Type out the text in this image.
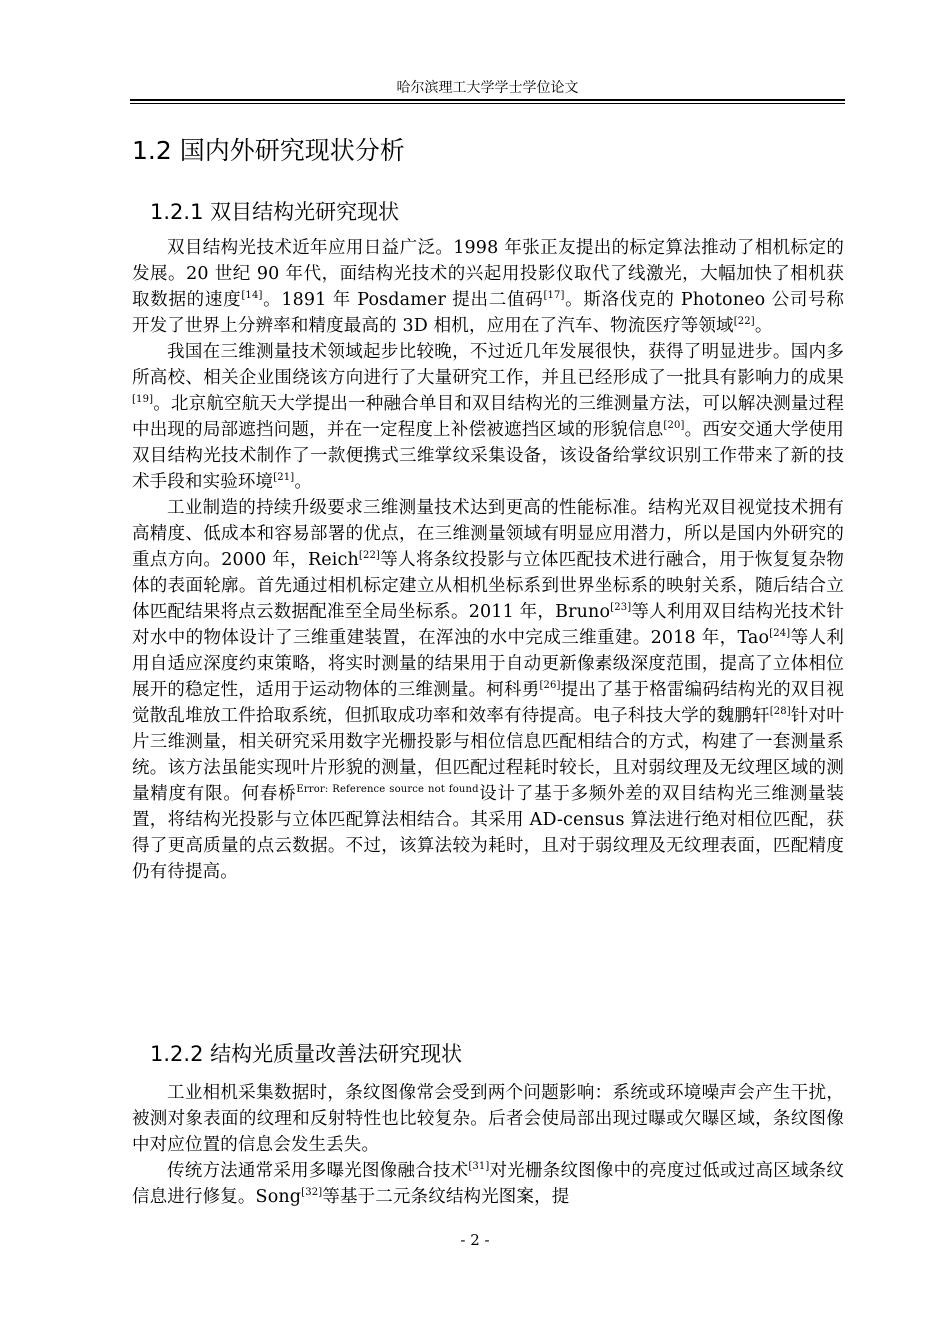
哈尔滨理工大学学士学位论文
1.2 国内外研究现状分析
1.2.1 双目结构光研究现状

双目结构光技术近年应用日益广泛。1998 年张正友提出的标定算法推动了相机标定的发展。20 世纪 90 年代，面结构光技术的兴起用投影仪取代了线激光，大幅加快了相机获取数据的速度[14]。1891 年 Posdamer 提出二值码[17]。斯洛伐克的 Photoneo 公司号称开发了世界上分辨率和精度最高的 3D 相机，应用在了汽车、物流医疗等领域[22]。

我国在三维测量技术领域起步比较晚，不过近几年发展很快，获得了明显进步。国内多所高校、相关企业围绕该方向进行了大量研究工作，并且已经形成了一批具有影响力的成果[19]。北京航空航天大学提出一种融合单目和双目结构光的三维测量方法，可以解决测量过程中出现的局部遮挡问题，并在一定程度上补偿被遮挡区域的形貌信息[20]。西安交通大学使用双目结构光技术制作了一款便携式三维掌纹采集设备，该设备给掌纹识别工作带来了新的技术手段和实验环境[21]。

工业制造的持续升级要求三维测量技术达到更高的性能标准。结构光双目视觉技术拥有高精度、低成本和容易部署的优点，在三维测量领域有明显应用潜力，所以是国内外研究的重点方向。2000 年，Reich[22]等人将条纹投影与立体匹配技术进行融合，用于恢复复杂物体的表面轮廓。首先通过相机标定建立从相机坐标系到世界坐标系的映射关系，随后结合立体匹配结果将点云数据配准至全局坐标系。2011 年，Bruno[23]等人利用双目结构光技术针对水中的物体设计了三维重建装置，在浑浊的水中完成三维重建。2018 年，Tao[24]等人利用自适应深度约束策略，将实时测量的结果用于自动更新像素级深度范围，提高了立体相位展开的稳定性，适用于运动物体的三维测量。柯科勇[26]提出了基于格雷编码结构光的双目视觉散乱堆放工件拾取系统，但抓取成功率和效率有待提高。电子科技大学的魏鹏轩[28]针对叶片三维测量，相关研究采用数字光栅投影与相位信息匹配相结合的方式，构建了一套测量系统。该方法虽能实现叶片形貌的测量，但匹配过程耗时较长，且对弱纹理及无纹理区域的测量精度有限。何春桥$^{Error: Reference source not found}$设计了基于多频外差的双目结构光三维测量装置，将结构光投影与立体匹配算法相结合。其采用 AD-census 算法进行绝对相位匹配，获得了更高质量的点云数据。不过，该算法较为耗时，且对于弱纹理及无纹理表面，匹配精度仍有待提高。

1.2.2 结构光质量改善法研究现状

工业相机采集数据时，条纹图像常会受到两个问题影响：系统或环境噪声会产生干扰，被测对象表面的纹理和反射特性也比较复杂。后者会使局部出现过曝或欠曝区域，条纹图像中对应位置的信息会发生丢失。

传统方法通常采用多曝光图像融合技术[31]对光栅条纹图像中的亮度过低或过高区域条纹信息进行修复。Song[32]等基于二元条纹结构光图案，提

- 2 -
